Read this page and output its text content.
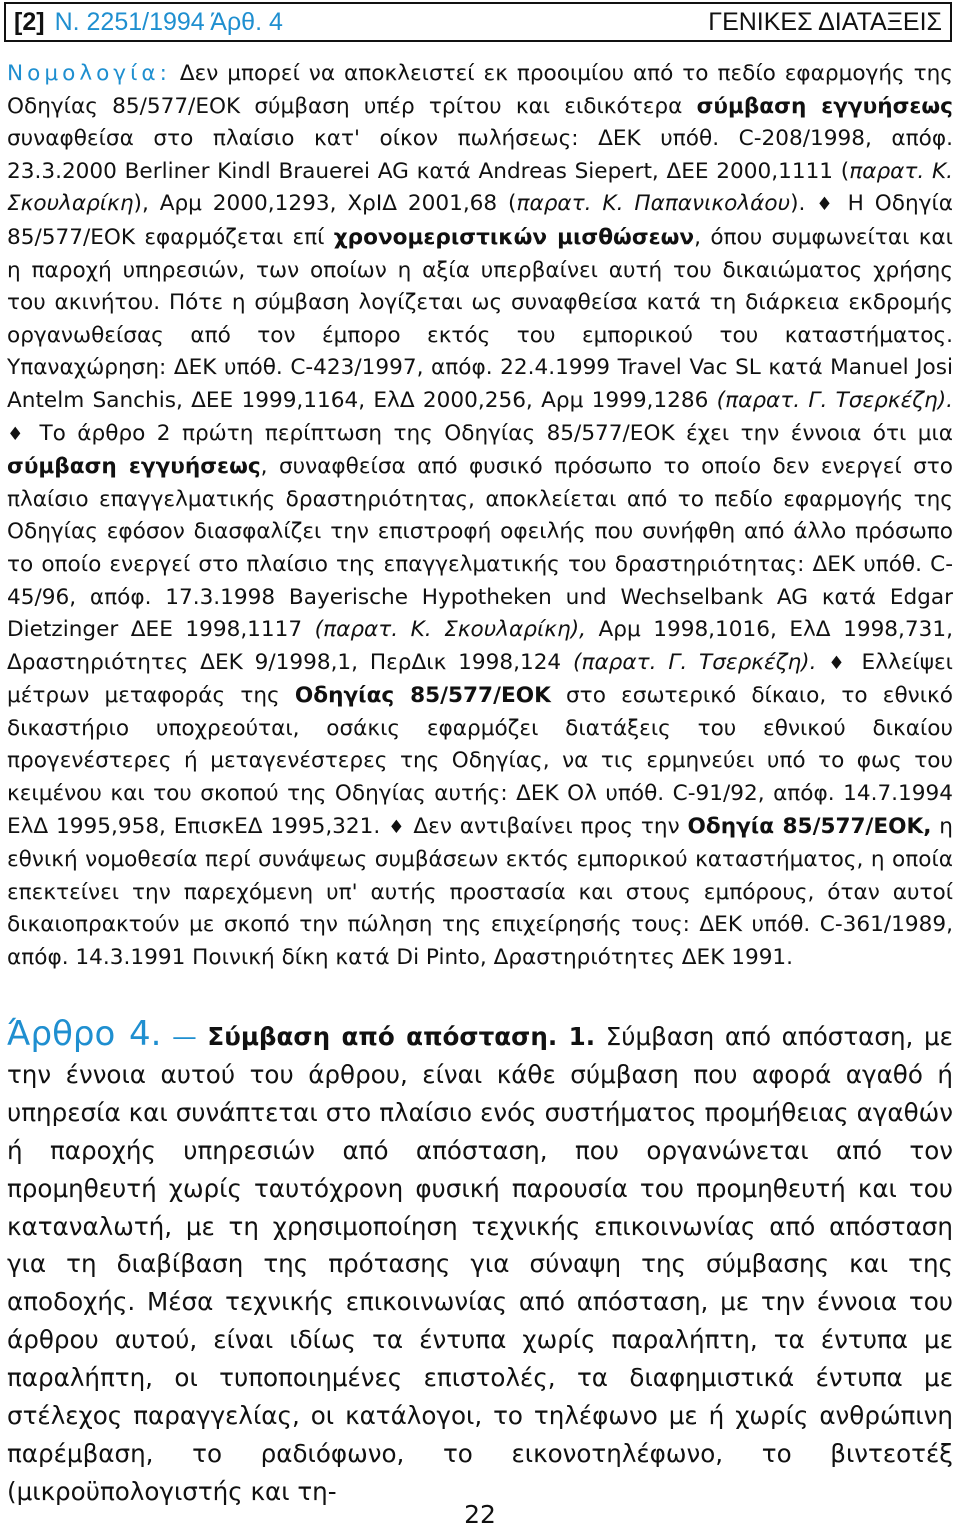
[2] Ν. 2251/1994 Άρθ. 4	ΓΕΝΙΚΕΣ ΔΙΑΤΑΞΕΙΣ
Νομολογία: Δεν μπορεί να αποκλειστεί εκ προοιμίου από το πεδίο εφαρμογής της Οδηγίας 85/577/ΕΟΚ σύμβαση υπέρ τρίτου και ειδικότερα σύμβαση εγγυήσεως συναφθείσα στο πλαίσιο κατ' οίκον πωλήσεως: ΔΕΚ υπόθ. C-208/1998, απόφ. 23.3.2000 Berliner Kindl Brauerei AG κατά Andreas Siepert, ΔΕΕ 2000,1111 (παρατ. Κ. Σκουλαρίκη), Αρμ 2000,1293, ΧρΙΔ 2001,68 (παρατ. Κ. Παπανικολάου). ♦ Η Οδηγία 85/577/ΕΟΚ εφαρμόζεται επί χρονομεριστικών μισθώσεων, όπου συμφωνείται και η παροχή υπηρεσιών, των οποίων η αξία υπερβαίνει αυτή του δικαιώματος χρήσης του ακινήτου. Πότε η σύμβαση λογίζεται ως συναφθείσα κατά τη διάρκεια εκδρομής οργανωθείσας από τον έμπορο εκτός του εμπορικού του καταστήματος. Υπαναχώρηση: ΔΕΚ υπόθ. C-423/1997, απόφ. 22.4.1999 Travel Vac SL κατά Manuel Josi Antelm Sanchis, ΔΕΕ 1999,1164, ΕλΔ 2000,256, Αρμ 1999,1286 (παρατ. Γ. Τσερκέζη). ♦ Το άρθρο 2 πρώτη περίπτωση της Οδηγίας 85/577/ΕΟΚ έχει την έννοια ότι μια σύμβαση εγγυήσεως, συναφθείσα από φυσικό πρόσωπο το οποίο δεν ενεργεί στο πλαίσιο επαγγελματικής δραστηριότητας, αποκλείεται από το πεδίο εφαρμογής της Οδηγίας εφόσον διασφαλίζει την επιστροφή οφειλής που συνήφθη από άλλο πρόσωπο το οποίο ενεργεί στο πλαίσιο της επαγγελματικής του δραστηριότητας: ΔΕΚ υπόθ. C-45/96, απόφ. 17.3.1998 Bayerische Hypotheken und Wechselbank AG κατά Edgar Dietzinger ΔΕΕ 1998,1117 (παρατ. Κ. Σκουλαρίκη), Αρμ 1998,1016, ΕλΔ 1998,731, Δραστηριότητες ΔΕΚ 9/1998,1, ΠερΔικ 1998,124 (παρατ. Γ. Τσερκέζη). ♦ Ελλείψει μέτρων μεταφοράς της Οδηγίας 85/577/ΕΟΚ στο εσωτερικό δίκαιο, το εθνικό δικαστήριο υποχρεούται, οσάκις εφαρμόζει διατάξεις του εθνικού δικαίου προγενέστερες ή μεταγενέστερες της Οδηγίας, να τις ερμηνεύει υπό το φως του κειμένου και του σκοπού της Οδηγίας αυτής: ΔΕΚ Ολ υπόθ. C-91/92, απόφ. 14.7.1994 ΕλΔ 1995,958, ΕπισκΕΔ 1995,321. ♦ Δεν αντιβαίνει προς την Οδηγία 85/577/ΕΟΚ, η εθνική νομοθεσία περί συνάψεως συμβάσεων εκτός εμπορικού καταστήματος, η οποία επεκτείνει την παρεχόμενη υπ' αυτής προστασία και στους εμπόρους, όταν αυτοί δικαιοπρακτούν με σκοπό την πώληση της επιχείρησής τους: ΔΕΚ υπόθ. C-361/1989, απόφ. 14.3.1991 Ποινική δίκη κατά Di Pinto, Δραστηριότητες ΔΕΚ 1991.
Άρθρο 4. — Σύμβαση από απόσταση. 1. Σύμβαση από απόσταση, με την έννοια αυτού του άρθρου, είναι κάθε σύμβαση που αφορά αγαθό ή υπηρεσία και συνάπτεται στο πλαίσιο ενός συστήματος προμήθειας αγαθών ή παροχής υπηρεσιών από απόσταση, που οργανώνεται από τον προμηθευτή χωρίς ταυτόχρονη φυσική παρουσία του προμηθευτή και του καταναλωτή, με τη χρησιμοποίηση τεχνικής επικοινωνίας από απόσταση για τη διαβίβαση της πρότασης για σύναψη της σύμβασης και της αποδοχής. Μέσα τεχνικής επικοινωνίας από απόσταση, με την έννοια του άρθρου αυτού, είναι ιδίως τα έντυπα χωρίς παραλήπτη, τα έντυπα με παραλήπτη, οι τυποποιημένες επιστολές, τα διαφημιστικά έντυπα με στέλεχος παραγγελίας, οι κατάλογοι, το τηλέφωνο με ή χωρίς ανθρώπινη παρέμβαση, το ραδιόφωνο, το εικονοτηλέφωνο, το βιντεοτέξ (μικροϋπολογιστής και τη-
22
